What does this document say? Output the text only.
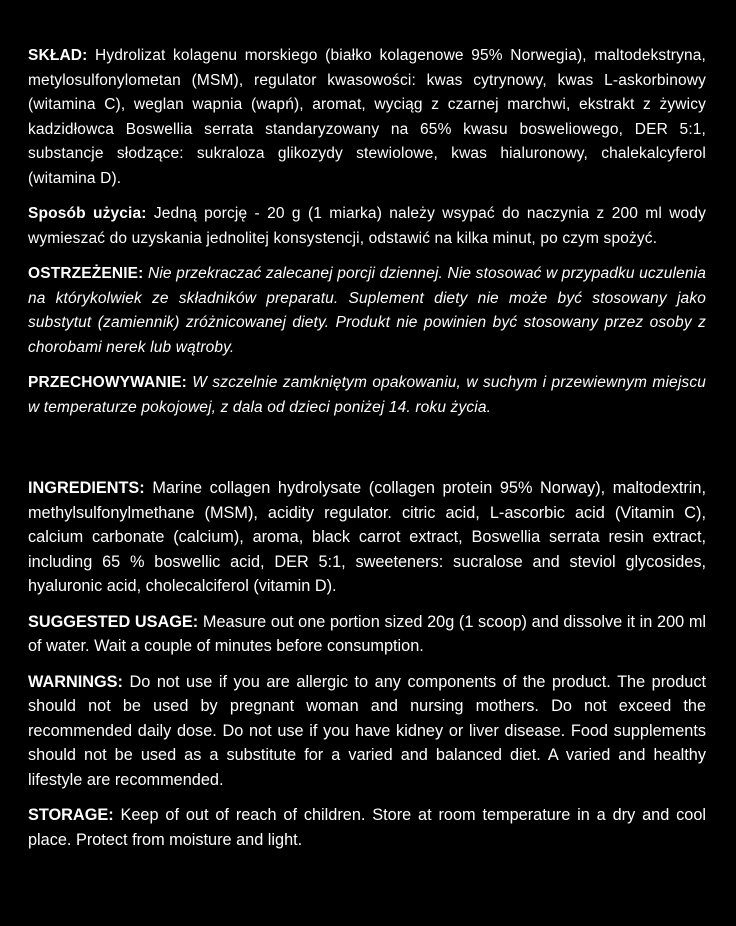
SKŁAD: Hydrolizat kolagenu morskiego (białko kolagenowe 95% Norwegia), maltodekstryna, metylosulfonylometan (MSM), regulator kwasowości: kwas cytrynowy, kwas L-askorbinowy (witamina C), weglan wapnia (wapń), aromat, wyciąg z czarnej marchwi, ekstrakt z żywicy kadzidłowca Boswellia serrata standaryzowany na 65% kwasu bosweliowego, DER 5:1, substancje słodzące: sukraloza glikozydy stewiolowe, kwas hialuronowy, chalekalcyferol (witamina D).

Sposób użycia: Jedną porcję - 20 g (1 miarka) należy wsypać do naczynia z 200 ml wody wymieszać do uzyskania jednolitej konsystencji, odstawić na kilka minut, po czym spożyć.

OSTRZEŻENIE: Nie przekraczać zalecanej porcji dziennej. Nie stosować w przypadku uczulenia na którykolwiek ze składników preparatu. Suplement diety nie może być stosowany jako substytut (zamiennik) zróżnicowanej diety. Produkt nie powinien być stosowany przez osoby z chorobami nerek lub wątroby.

PRZECHOWYWANIE: W szczelnie zamkniętym opakowaniu, w suchym i przewiewnym miejscu w temperaturze pokojowej, z dala od dzieci poniżej 14. roku życia.

INGREDIENTS: Marine collagen hydrolysate (collagen protein 95% Norway), maltodextrin, methylsulfonylmethane (MSM), acidity regulator. citric acid, L-ascorbic acid (Vitamin C), calcium carbonate (calcium), aroma, black carrot extract, Boswellia serrata resin extract, including 65 % boswellic acid, DER 5:1, sweeteners: sucralose and steviol glycosides, hyaluronic acid, cholecalciferol (vitamin D).

SUGGESTED USAGE: Measure out one portion sized 20g (1 scoop) and dissolve it in 200 ml of water. Wait a couple of minutes before consumption.

WARNINGS: Do not use if you are allergic to any components of the product. The product should not be used by pregnant woman and nursing mothers. Do not exceed the recommended daily dose. Do not use if you have kidney or liver disease. Food supplements should not be used as a substitute for a varied and balanced diet. A varied and healthy lifestyle are recommended.

STORAGE: Keep of out of reach of children. Store at room temperature in a dry and cool place. Protect from moisture and light.
